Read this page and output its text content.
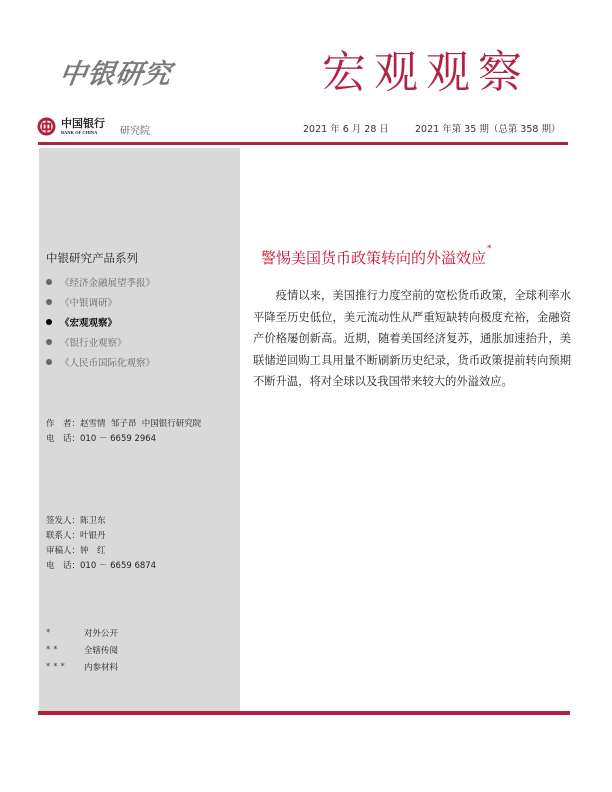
中银研究	宏观观察
中国银行
BANK OF CHINA	研究院	2021 年 6 月 28 日	2021 年第 35 期（总第 358 期）
中银研究产品系列
《经济金融展望季报》
《中银调研》
《宏观观察》
《银行业观察》
《人民币国际化观察》
作　者： 赵雪情  邹子昂  中国银行研究院
电　话： 010 － 6659 2964
签发人： 陈卫东
联系人： 叶银丹
审稿人： 钟　红
电　话： 010 － 6659 6874
*	对外公开
**	全辖传阅
***	内参材料
警惕美国货币政策转向的外溢效应*
疫情以来，美国推行力度空前的宽松货币政策，全球利率水平降至历史低位，美元流动性从严重短缺转向极度充裕，金融资产价格屡创新高。近期，随着美国经济复苏，通胀加速抬升，美联储逆回购工具用量不断刷新历史纪录，货币政策提前转向预期不断升温，将对全球以及我国带来较大的外溢效应。
